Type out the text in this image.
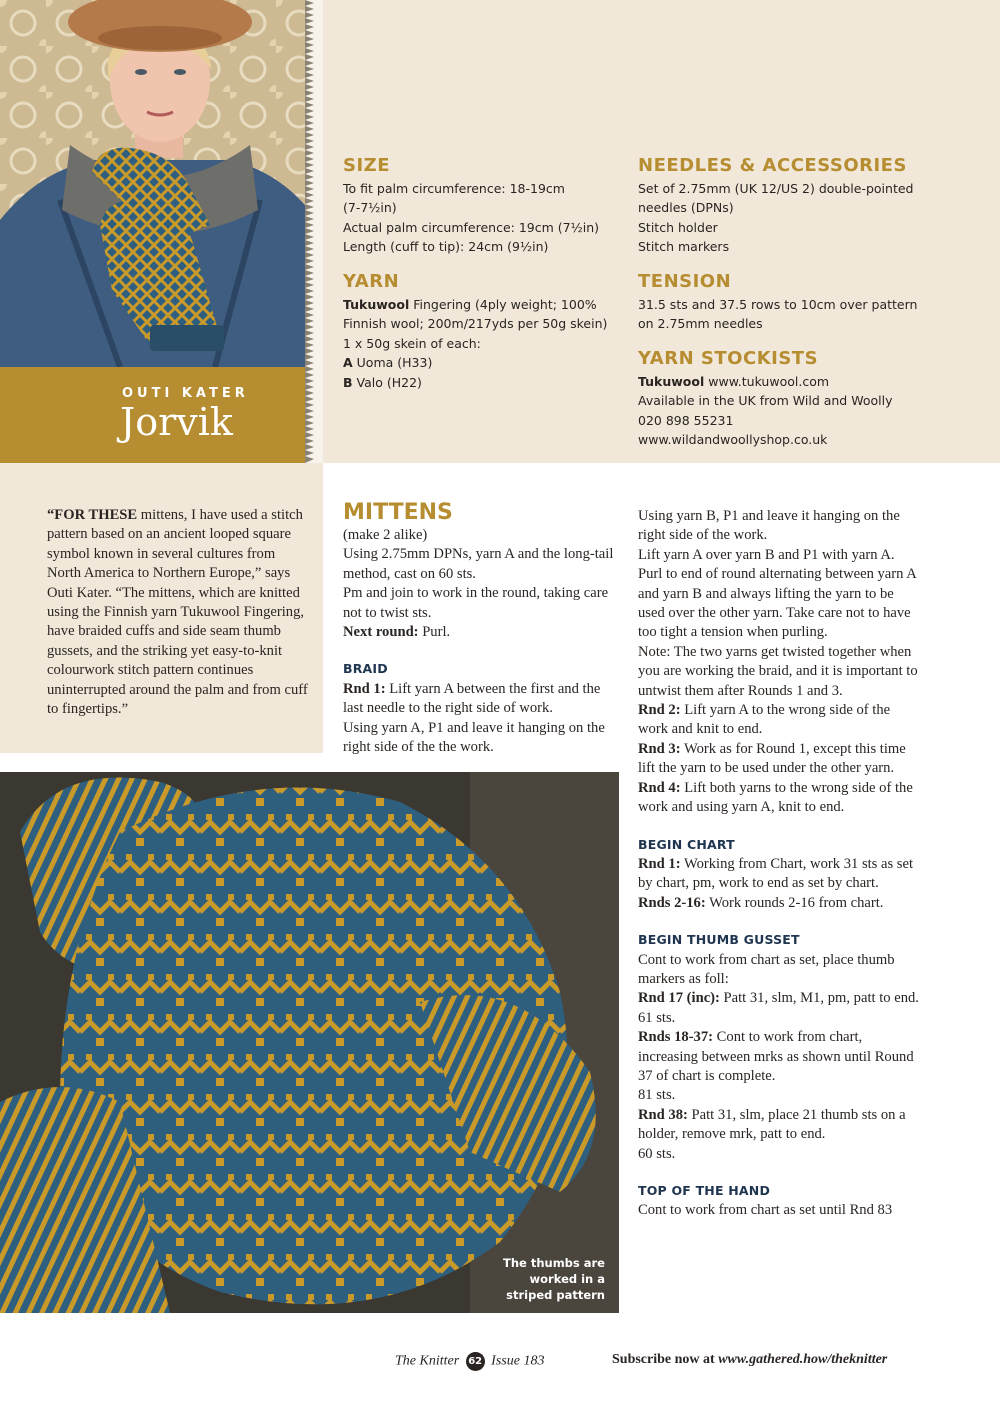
OUTI KATER
Jorvik
SIZE
To fit palm circumference: 18-19cm
(7-7½in)
Actual palm circumference: 19cm (7½in)
Length (cuff to tip): 24cm (9½in)
YARN
Tukuwool Fingering (4ply weight; 100%
Finnish wool; 200m/217yds per 50g skein)
1 x 50g skein of each:
A Uoma (H33)
B Valo (H22)
NEEDLES & ACCESSORIES
Set of 2.75mm (UK 12/US 2) double-pointed
needles (DPNs)
Stitch holder
Stitch markers
TENSION
31.5 sts and 37.5 rows to 10cm over pattern
on 2.75mm needles
YARN STOCKISTS
Tukuwool www.tukuwool.com
Available in the UK from Wild and Woolly
020 898 55231
www.wildandwoollyshop.co.uk
“FOR THESE mittens, I have used a stitch pattern based on an ancient looped square symbol known in several cultures from North America to Northern Europe,” says Outi Kater. “The mittens, which are knitted using the Finnish yarn Tukuwool Fingering, have braided cuffs and side seam thumb gussets, and the striking yet easy-to-knit colourwork stitch pattern continues uninterrupted around the palm and from cuff to fingertips.”
The thumbs are
worked in a
striped pattern
MITTENS

(make 2 alike)

Using 2.75mm DPNs, yarn A and the long-tail method, cast on 60 sts.

Pm and join to work in the round, taking care not to twist sts.

Next round: Purl.

BRAID

Rnd 1: Lift yarn A between the first and the last needle to the right side of work.

Using yarn A, P1 and leave it hanging on the right side of the the work.

Using yarn B, P1 and leave it hanging on the right side of the work.

Lift yarn A over yarn B and P1 with yarn A. Purl to end of round alternating between yarn A and yarn B and always lifting the yarn to be used over the other yarn. Take care not to have too tight a tension when purling.

Note: The two yarns get twisted together when you are working the braid, and it is important to untwist them after Rounds 1 and 3.

Rnd 2: Lift yarn A to the wrong side of the work and knit to end.

Rnd 3: Work as for Round 1, except this time lift the yarn to be used under the other yarn.

Rnd 4: Lift both yarns to the wrong side of the work and using yarn A, knit to end.

BEGIN CHART

Rnd 1: Working from Chart, work 31 sts as set by chart, pm, work to end as set by chart.

Rnds 2-16: Work rounds 2-16 from chart.

BEGIN THUMB GUSSET

Cont to work from chart as set, place thumb markers as foll:

Rnd 17 (inc): Patt 31, slm, M1, pm, patt to end.

61 sts.

Rnds 18-37: Cont to work from chart, increasing between mrks as shown until Round 37 of chart is complete.

81 sts.

Rnd 38: Patt 31, slm, place 21 thumb sts on a holder, remove mrk, patt to end.

60 sts.

TOP OF THE HAND

Cont to work from chart as set until Rnd 83

The Knitter 62 Issue 183	Subscribe now at www.gathered.how/theknitter
